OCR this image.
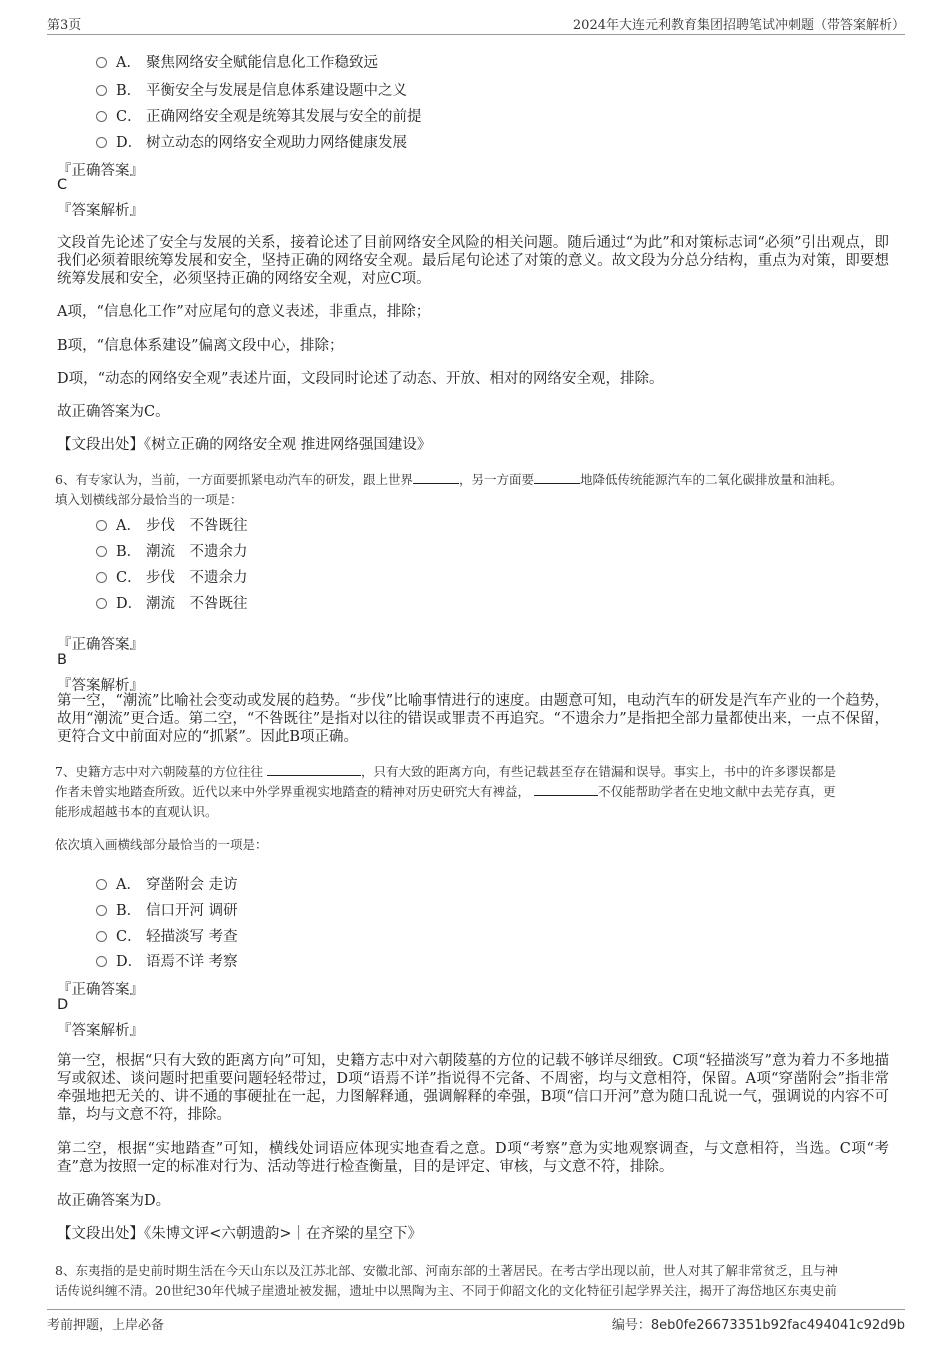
第3页	2024年大连元利教育集团招聘笔试冲刺题（带答案解析）
A． 聚焦网络安全赋能信息化工作稳致远
B． 平衡安全与发展是信息体系建设题中之义
C． 正确网络安全观是统筹其发展与安全的前提
D． 树立动态的网络安全观助力网络健康发展
『正确答案』
C
『答案解析』
文段首先论述了安全与发展的关系，接着论述了目前网络安全风险的相关问题。随后通过“为此”和对策标志词“必须”引出观点，即我们必须着眼统筹发展和安全，坚持正确的网络安全观。最后尾句论述了对策的意义。故文段为分总分结构，重点为对策，即要想统筹发展和安全，必须坚持正确的网络安全观，对应C项。
A项，“信息化工作”对应尾句的意义表述，非重点，排除；
B项，“信息体系建设”偏离文段中心，排除；
D项，“动态的网络安全观”表述片面，文段同时论述了动态、开放、相对的网络安全观，排除。
故正确答案为C。
【文段出处】《树立正确的网络安全观 推进网络强国建设》
6、有专家认为，当前，一方面要抓紧电动汽车的研发，跟上世界	，另一方面要	地降低传统能源汽车的二氧化碳排放量和油耗。
填入划横线部分最恰当的一项是：
A． 步伐　不咎既往
B． 潮流　不遗余力
C． 步伐　不遗余力
D． 潮流　不咎既往
『正确答案』
B
『答案解析』
第一空，“潮流”比喻社会变动或发展的趋势。“步伐”比喻事情进行的速度。由题意可知，电动汽车的研发是汽车产业的一个趋势，故用“潮流”更合适。第二空，“不咎既往”是指对以往的错误或罪责不再追究。“不遗余力”是指把全部力量都使出来，一点不保留，更符合文中前面对应的“抓紧”。因此B项正确。
7、史籍方志中对六朝陵墓的方位往往	，只有大致的距离方向，有些记载甚至存在错漏和误导。事实上，书中的许多谬误都是
作者未曾实地踏查所致。近代以来中外学界重视实地踏查的精神对历史研究大有裨益，	不仅能帮助学者在史地文献中去芜存真，更
能形成超越书本的直观认识。
依次填入画横线部分最恰当的一项是：
A． 穿凿附会 走访
B． 信口开河 调研
C． 轻描淡写 考查
D． 语焉不详 考察
『正确答案』
D
『答案解析』
第一空，根据“只有大致的距离方向”可知，史籍方志中对六朝陵墓的方位的记载不够详尽细致。C项“轻描淡写”意为着力不多地描写或叙述、谈问题时把重要问题轻轻带过，D项“语焉不详”指说得不完备、不周密，均与文意相符，保留。A项“穿凿附会”指非常牵强地把无关的、讲不通的事硬扯在一起，力图解释通，强调解释的牵强，B项“信口开河”意为随口乱说一气，强调说的内容不可靠，均与文意不符，排除。
第二空，根据“实地踏查”可知，横线处词语应体现实地查看之意。D项“考察”意为实地观察调查，与文意相符，当选。C项“考查”意为按照一定的标准对行为、活动等进行检查衡量，目的是评定、审核，与文意不符，排除。
故正确答案为D。
【文段出处】《朱博文评<六朝遗韵>｜在齐梁的星空下》
8、东夷指的是史前时期生活在今天山东以及江苏北部、安徽北部、河南东部的土著居民。在考古学出现以前，世人对其了解非常贫乏，且与神
话传说纠缠不清。20世纪30年代城子崖遗址被发掘，遗址中以黑陶为主、不同于仰韶文化的文化特征引起学界关注，揭开了海岱地区东夷史前
考前押题，上岸必备	编号：8eb0fe26673351b92fac494041c92d9b
